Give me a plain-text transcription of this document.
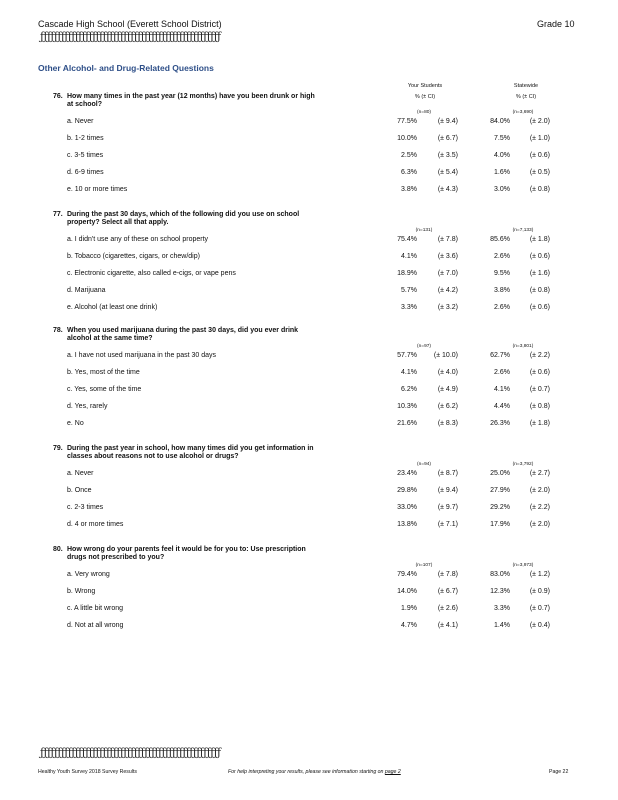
Cascade High School (Everett School District)	Grade 10
ƒƒƒƒƒƒƒƒƒƒƒƒƒƒƒƒƒƒƒƒƒƒƒƒƒƒƒƒƒƒƒƒƒƒƒƒƒƒƒƒƒƒƒƒƒƒƒƒƒƒƒƒ
Other Alcohol- and Drug-Related Questions
Your Students
% (± CI)
Statewide
% (± CI)
76. How many times in the past year (12 months) have you been drunk or high
at school?
(n=80)	(n=3,690)
a. Never	77.5%	(± 9.4)	84.0%	(± 2.0)
b. 1-2 times	10.0%	(± 6.7)	7.5%	(± 1.0)
c. 3-5 times	2.5%	(± 3.5)	4.0%	(± 0.6)
d. 6-9 times	6.3%	(± 5.4)	1.6%	(± 0.5)
e. 10 or more times	3.8%	(± 4.3)	3.0%	(± 0.8)
77. During the past 30 days, which of the following did you use on school
property? Select all that apply.
(n=131)	(n=7,133)
a. I didn't use any of these on school property	75.4%	(± 7.8)	85.6%	(± 1.8)
b. Tobacco (cigarettes, cigars, or chew/dip)	4.1%	(± 3.6)	2.6%	(± 0.6)
c. Electronic cigarette, also called e-cigs, or vape pens	18.9%	(± 7.0)	9.5%	(± 1.6)
d. Marijuana	5.7%	(± 4.2)	3.8%	(± 0.8)
e. Alcohol (at least one drink)	3.3%	(± 3.2)	2.6%	(± 0.6)
78. When you used marijuana during the past 30 days, did you ever drink
alcohol at the same time?
(n=97)	(n=3,801)
a. I have not used marijuana in the past 30 days	57.7%	(± 10.0)	62.7%	(± 2.2)
b. Yes, most of the time	4.1%	(± 4.0)	2.6%	(± 0.6)
c. Yes, some of the time	6.2%	(± 4.9)	4.1%	(± 0.7)
d. Yes, rarely	10.3%	(± 6.2)	4.4%	(± 0.8)
e. No	21.6%	(± 8.3)	26.3%	(± 1.8)
79. During the past year in school, how many times did you get information in
classes about reasons not to use alcohol or drugs?
(n=94)	(n=3,792)
a. Never	23.4%	(± 8.7)	25.0%	(± 2.7)
b. Once	29.8%	(± 9.4)	27.9%	(± 2.0)
c. 2-3 times	33.0%	(± 9.7)	29.2%	(± 2.2)
d. 4 or more times	13.8%	(± 7.1)	17.9%	(± 2.0)
80. How wrong do your parents feel it would be for you to: Use prescription
drugs not prescribed to you?
(n=107)	(n=3,973)
a. Very wrong	79.4%	(± 7.8)	83.0%	(± 1.2)
b. Wrong	14.0%	(± 6.7)	12.3%	(± 0.9)
c. A little bit wrong	1.9%	(± 2.6)	3.3%	(± 0.7)
d. Not at all wrong	4.7%	(± 4.1)	1.4%	(± 0.4)
ƒƒƒƒƒƒƒƒƒƒƒƒƒƒƒƒƒƒƒƒƒƒƒƒƒƒƒƒƒƒƒƒƒƒƒƒƒƒƒƒƒƒƒƒƒƒƒƒƒƒƒƒ
Healthy Youth Survey 2018 Survey Results	For help interpreting your results, please see information starting on page 2	Page 22
